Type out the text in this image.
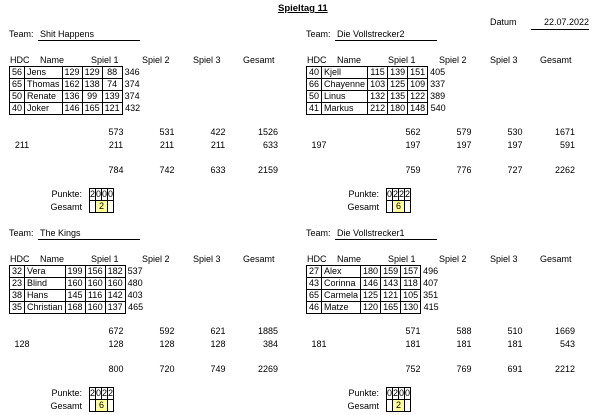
Spieltag 11
Datum	22.07.2022
Team: Shit Happens
HDC Name	Spiel 1	Spiel 2	Spiel 3 Gesamt
56	Jens	129	129	88	346
65	Thomas	162	138	74	374
50	Renate	136	99	139	374
40	Joker	146	165	121	432
573	531	422	1526
211	211	211	211	633
784	742	633	2159
Punkte:
Gesamt
2	0	0	0
	2		
Team: Die Vollstrecker2
HDC Name	Spiel 1	Spiel 2	Spiel 3 Gesamt
40	Kjell	115	139	151	405
66	Chayenne	103	125	109	337
50	Linus	132	135	122	389
41	Markus	212	180	148	540
562	579	530	1671
197	197	197	197	591
759	776	727	2262
Punkte:
Gesamt
0	2	2	2
	6		
Team: The Kings
HDC Name	Spiel 1	Spiel 2	Spiel 3 Gesamt
32	Vera	199	156	182	537
23	Blind	160	160	160	480
38	Hans	145	116	142	403
35	Christian	168	160	137	465
672	592	621	1885
128	128	128	128	384
800	720	749	2269
Punkte:
Gesamt
2	0	2	2
	6		
Team: Die Vollstrecker1
HDC Name	Spiel 1	Spiel 2	Spiel 3 Gesamt
27	Alex	180	159	157	496
43	Corinna	146	143	118	407
65	Carmela	125	121	105	351
46	Matze	120	165	130	415
571	588	510	1669
181	181	181	181	543
752	769	691	2212
Punkte:
Gesamt
0	2	0	0
	2		
